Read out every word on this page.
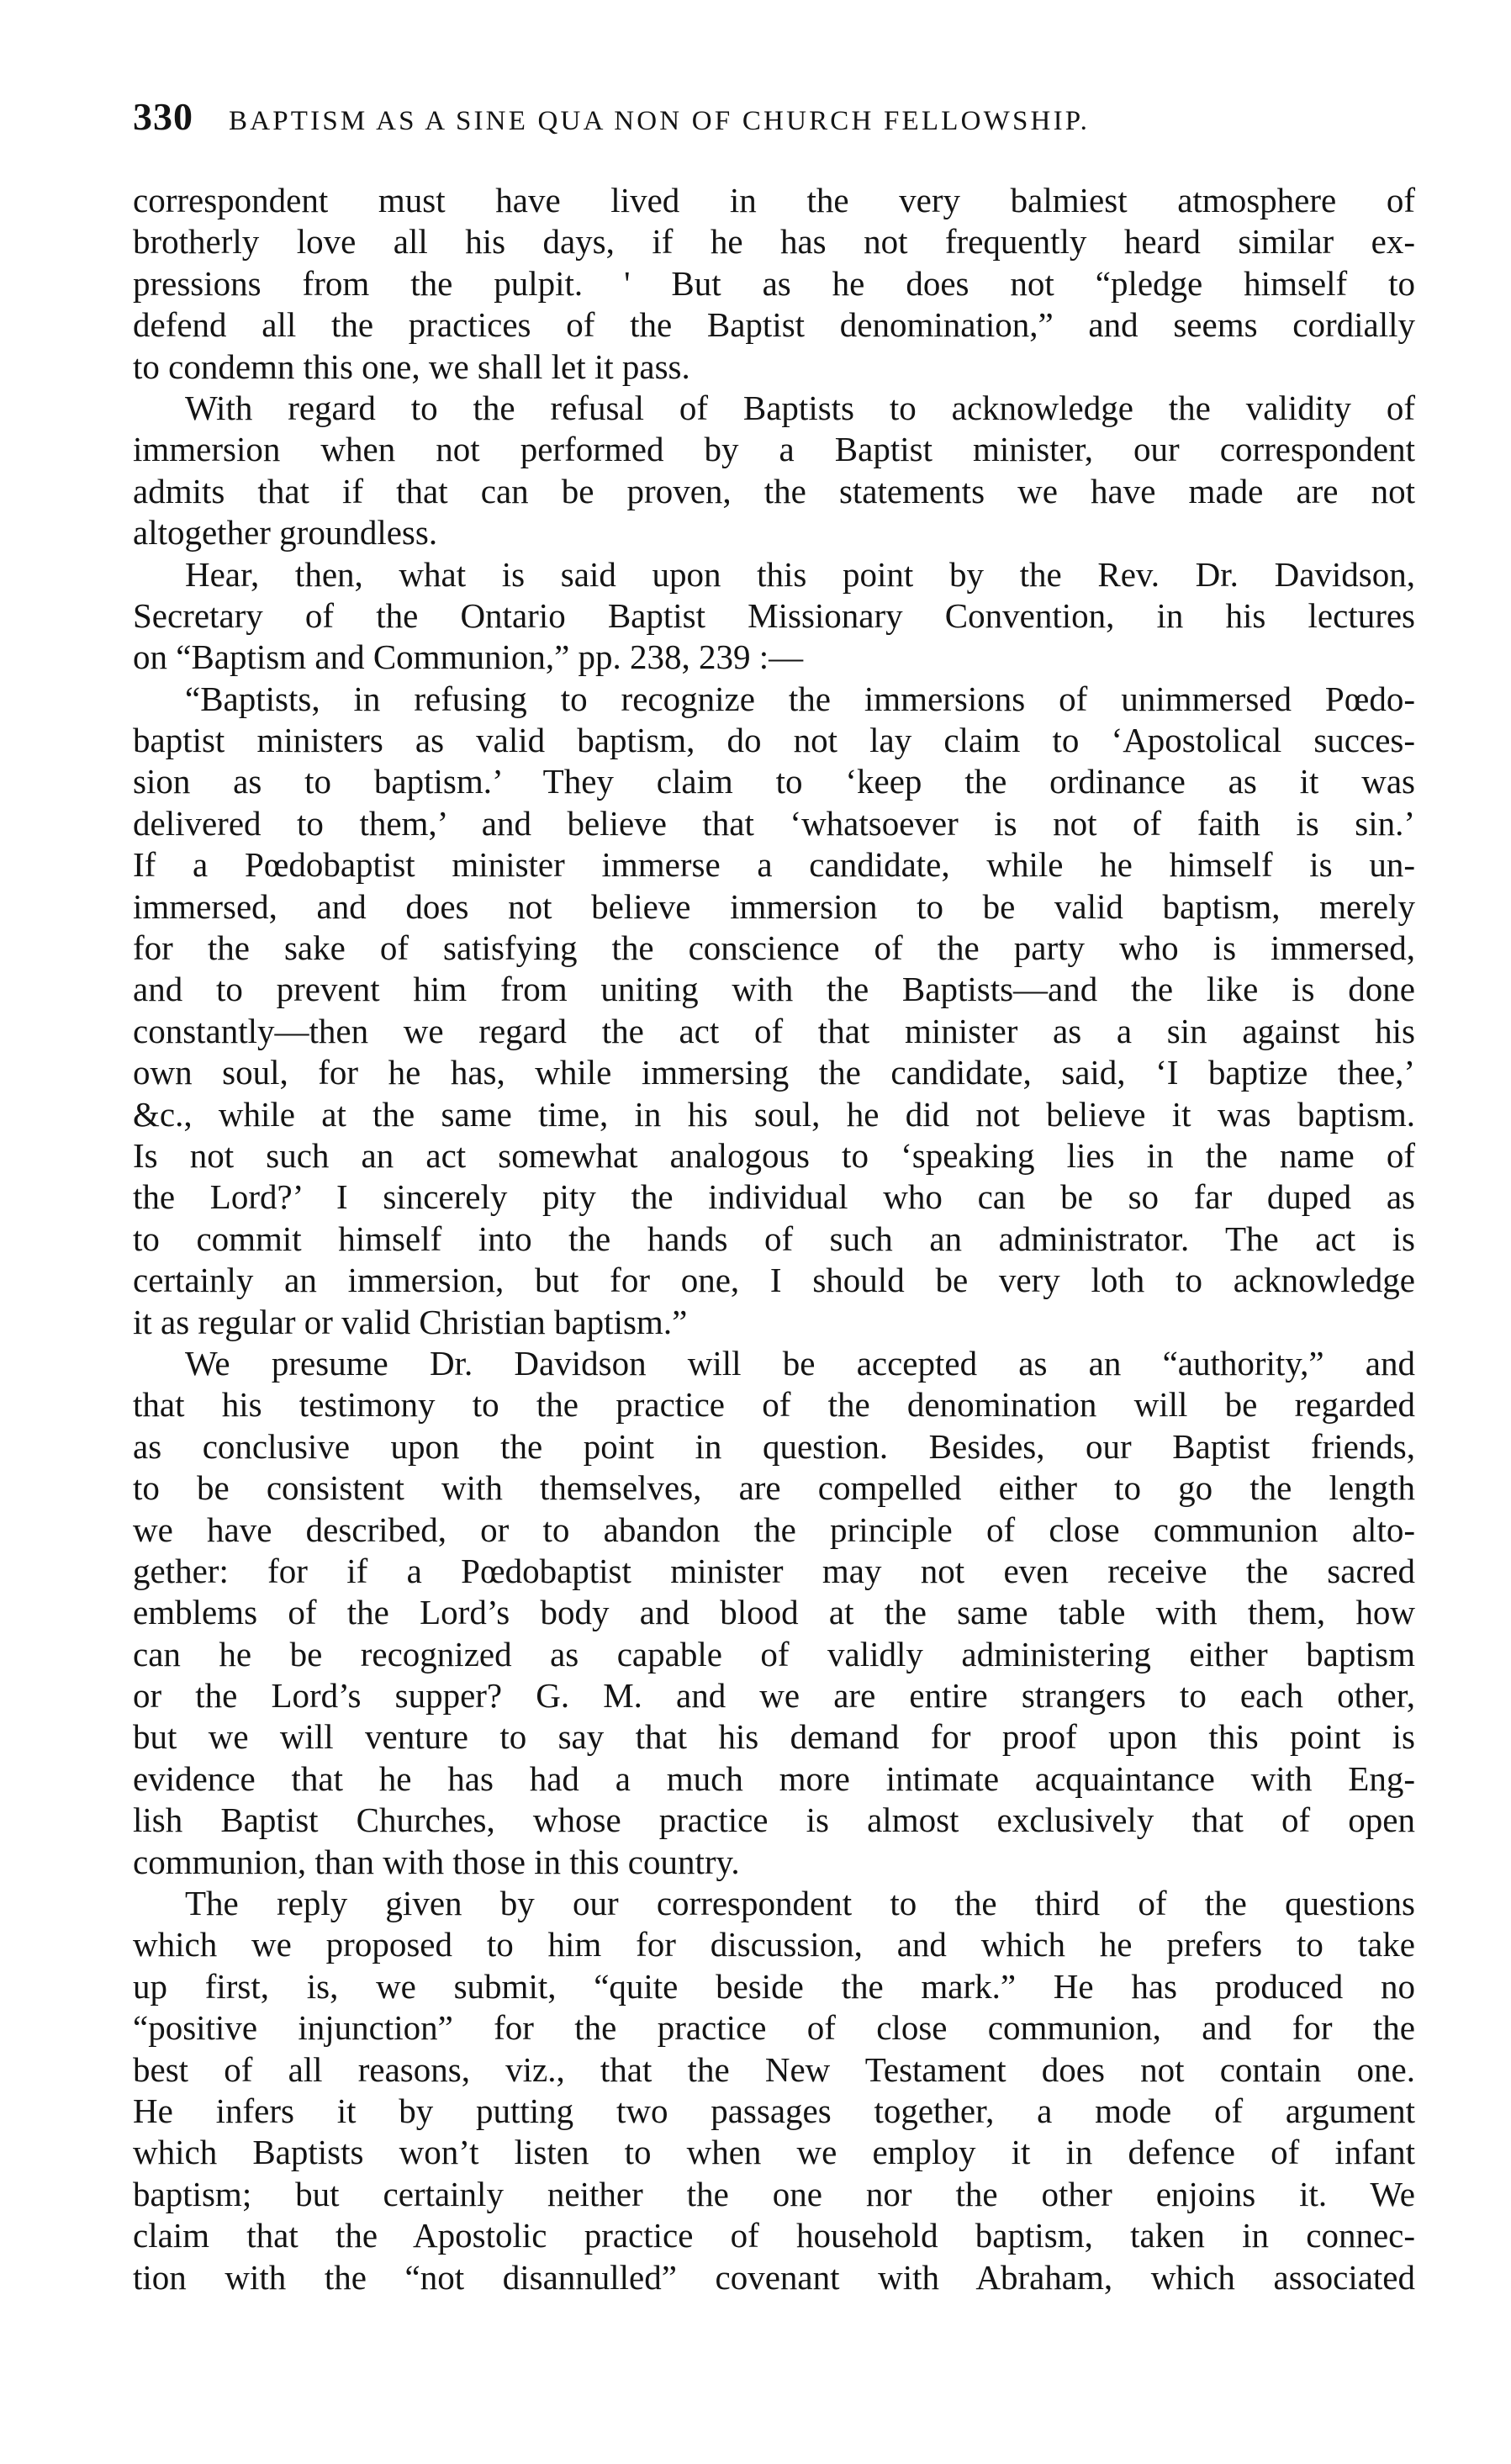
330 BAPTISM AS A SINE QUA NON OF CHURCH FELLOWSHIP.
correspondent must have lived in the very balmiest atmosphere of
brotherly love all his days, if he has not frequently heard similar ex-
pressions from the pulpit. ' But as he does not “pledge himself to
defend all the practices of the Baptist denomination,” and seems cordially
to condemn this one, we shall let it pass.
With regard to the refusal of Baptists to acknowledge the validity of
immersion when not performed by a Baptist minister, our correspondent
admits that if that can be proven, the statements we have made are not
altogether groundless.
Hear, then, what is said upon this point by the Rev. Dr. Davidson,
Secretary of the Ontario Baptist Missionary Convention, in his lectures
on “Baptism and Communion,” pp. 238, 239 :—
“Baptists, in refusing to recognize the immersions of unimmersed Pœdo-
baptist ministers as valid baptism, do not lay claim to ‘Apostolical succes-
sion as to baptism.’ They claim to ‘keep the ordinance as it was
delivered to them,’ and believe that ‘whatsoever is not of faith is sin.’
If a Pœdobaptist minister immerse a candidate, while he himself is un-
immersed, and does not believe immersion to be valid baptism, merely
for the sake of satisfying the conscience of the party who is immersed,
and to prevent him from uniting with the Baptists—and the like is done
constantly—then we regard the act of that minister as a sin against his
own soul, for he has, while immersing the candidate, said, ‘I baptize thee,’
&c., while at the same time, in his soul, he did not believe it was baptism.
Is not such an act somewhat analogous to ‘speaking lies in the name of
the Lord?’ I sincerely pity the individual who can be so far duped as
to commit himself into the hands of such an administrator. The act is
certainly an immersion, but for one, I should be very loth to acknowledge
it as regular or valid Christian baptism.”
We presume Dr. Davidson will be accepted as an “authority,” and
that his testimony to the practice of the denomination will be regarded
as conclusive upon the point in question. Besides, our Baptist friends,
to be consistent with themselves, are compelled either to go the length
we have described, or to abandon the principle of close communion alto-
gether: for if a Pœdobaptist minister may not even receive the sacred
emblems of the Lord’s body and blood at the same table with them, how
can he be recognized as capable of validly administering either baptism
or the Lord’s supper? G. M. and we are entire strangers to each other,
but we will venture to say that his demand for proof upon this point is
evidence that he has had a much more intimate acquaintance with Eng-
lish Baptist Churches, whose practice is almost exclusively that of open
communion, than with those in this country.
The reply given by our correspondent to the third of the questions
which we proposed to him for discussion, and which he prefers to take
up first, is, we submit, “quite beside the mark.” He has produced no
“positive injunction” for the practice of close communion, and for the
best of all reasons, viz., that the New Testament does not contain one.
He infers it by putting two passages together, a mode of argument
which Baptists won’t listen to when we employ it in defence of infant
baptism; but certainly neither the one nor the other enjoins it. We
claim that the Apostolic practice of household baptism, taken in connec-
tion with the “not disannulled” covenant with Abraham, which associated
